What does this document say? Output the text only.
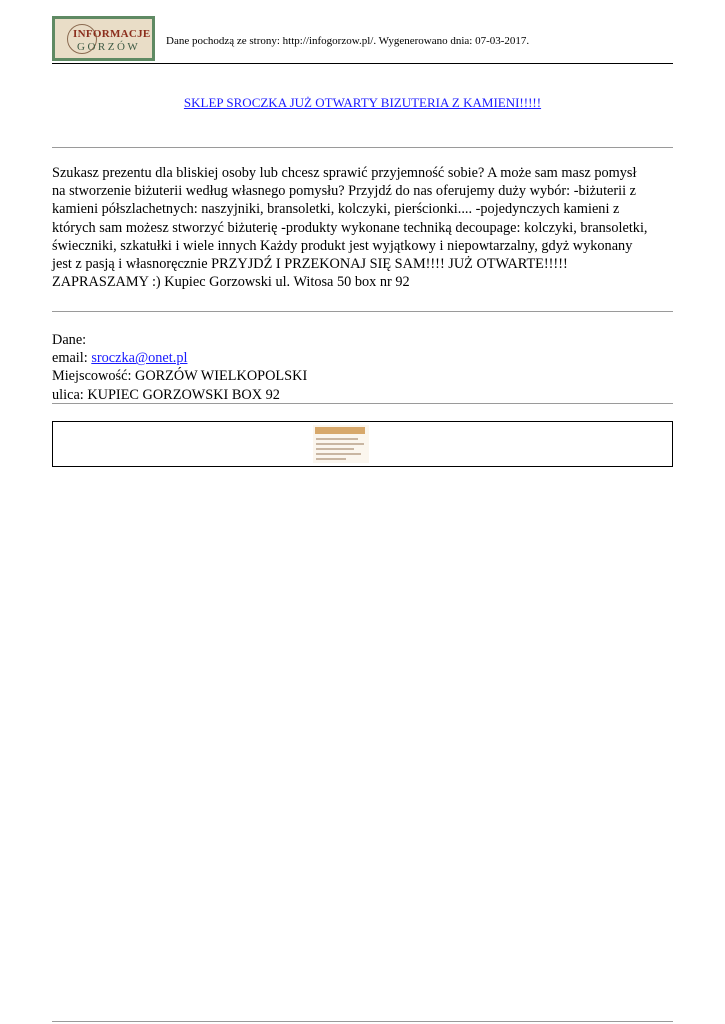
INFORMACJE
GORZÓW Dane pochodzą ze strony: http://infogorzow.pl/. Wygenerowano dnia: 07-03-2017.
SKLEP SROCZKA JUŻ OTWARTY BIZUTERIA Z KAMIENI!!!!!
Szukasz prezentu dla bliskiej osoby lub chcesz sprawić przyjemność sobie? A może sam masz pomysł
na stworzenie biżuterii według własnego pomysłu? Przyjdź do nas oferujemy duży wybór: -biżuterii z
kamieni półszlachetnych: naszyjniki, bransoletki, kolczyki, pierścionki.... -pojedynczych kamieni z
których sam możesz stworzyć biżuterię -produkty wykonane techniką decoupage: kolczyki, bransoletki,
świeczniki, szkatułki i wiele innych Każdy produkt jest wyjątkowy i niepowtarzalny, gdyż wykonany
jest z pasją i własnoręcznie PRZYJDŹ I PRZEKONAJ SIĘ SAM!!!! JUŻ OTWARTE!!!!!
ZAPRASZAMY :) Kupiec Gorzowski ul. Witosa 50 box nr 92
Dane:
email: sroczka@onet.pl
Miejscowość: GORZÓW WIELKOPOLSKI
ulica: KUPIEC GORZOWSKI BOX 92
